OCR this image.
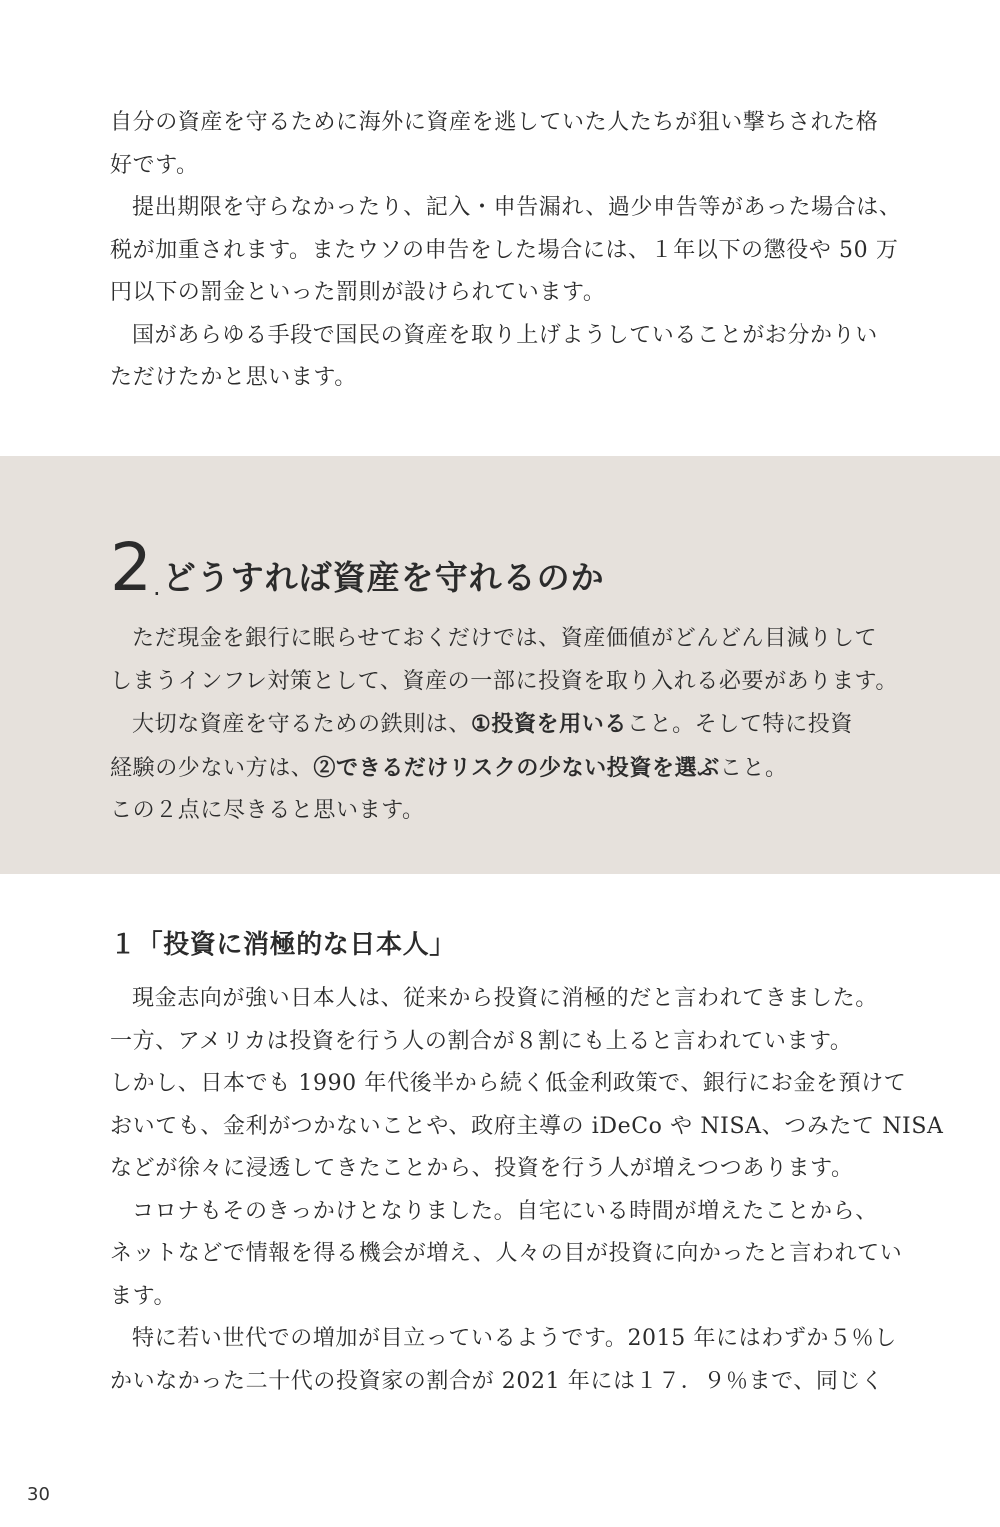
自分の資産を守るために海外に資産を逃していた人たちが狙い撃ちされた格
好です。
提出期限を守らなかったり、記入・申告漏れ、過少申告等があった場合は、
税が加重されます。またウソの申告をした場合には、１年以下の懲役や 50 万
円以下の罰金といった罰則が設けられています。
国があらゆる手段で国民の資産を取り上げようしていることがお分かりい
ただけたかと思います。
2 . どうすれば資産を守れるのか
ただ現金を銀行に眠らせておくだけでは、資産価値がどんどん目減りして
しまうインフレ対策として、資産の一部に投資を取り入れる必要があります。
大切な資産を守るための鉄則は、①投資を用いること。そして特に投資
経験の少ない方は、②できるだけリスクの少ない投資を選ぶこと。
この２点に尽きると思います。
１「投資に消極的な日本人」
現金志向が強い日本人は、従来から投資に消極的だと言われてきました。
一方、アメリカは投資を行う人の割合が８割にも上ると言われています。
しかし、日本でも 1990 年代後半から続く低金利政策で、銀行にお金を預けて
おいても、金利がつかないことや、政府主導の iDeCo や NISA、つみたて NISA
などが徐々に浸透してきたことから、投資を行う人が増えつつあります。
コロナもそのきっかけとなりました。自宅にいる時間が増えたことから、
ネットなどで情報を得る機会が増え、人々の目が投資に向かったと言われてい
ます。
特に若い世代での増加が目立っているようです。2015 年にはわずか５％し
かいなかった二十代の投資家の割合が 2021 年には１７．９％まで、同じく
30
